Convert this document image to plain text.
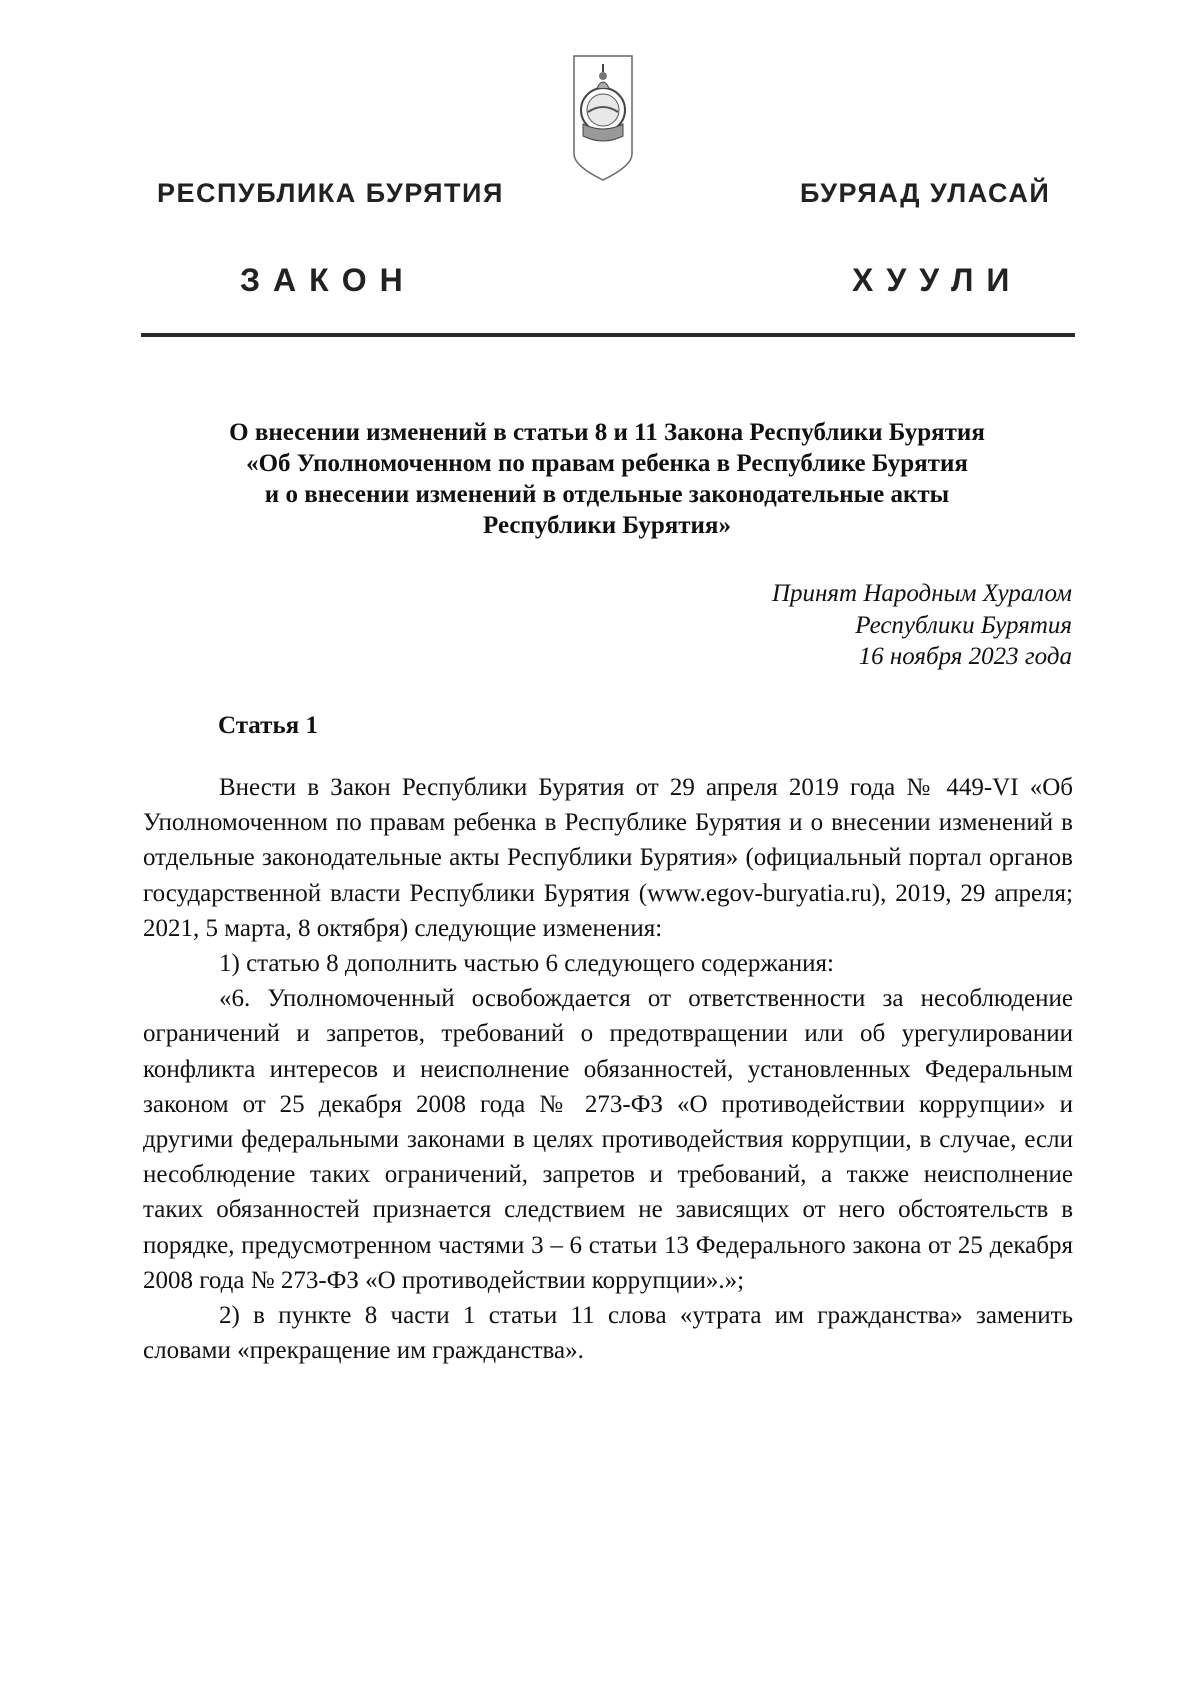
РЕСПУБЛИКА БУРЯТИЯ	БУРЯАД УЛАСАЙ
ЗАКОН	ХУУЛИ
О внесении изменений в статьи 8 и 11 Закона Республики Бурятия
«Об Уполномоченном по правам ребенка в Республике Бурятия
и о внесении изменений в отдельные законодательные акты
Республики Бурятия»
Принят Народным Хуралом
Республики Бурятия
16 ноября 2023 года
Статья 1

Внести в Закон Республики Бурятия от 29 апреля 2019 года № 449-VI «Об Уполномоченном по правам ребенка в Республике Бурятия и о внесении изменений в отдельные законодательные акты Республики Бурятия» (официальный портал органов государственной власти Республики Бурятия (www.egov-buryatia.ru), 2019, 29 апреля; 2021, 5 марта, 8 октября) следующие изменения:

1) статью 8 дополнить частью 6 следующего содержания:

«6. Уполномоченный освобождается от ответственности за несоблюдение ограничений и запретов, требований о предотвращении или об урегулировании конфликта интересов и неисполнение обязанностей, установленных Федеральным законом от 25 декабря 2008 года № 273-ФЗ «О противодействии коррупции» и другими федеральными законами в целях противодействия коррупции, в случае, если несоблюдение таких ограничений, запретов и требований, а также неисполнение таких обязанностей признается следствием не зависящих от него обстоятельств в порядке, предусмотренном частями 3 – 6 статьи 13 Федерального закона от 25 декабря 2008 года № 273-ФЗ «О противодействии коррупции».»;

2) в пункте 8 части 1 статьи 11 слова «утрата им гражданства» заменить словами «прекращение им гражданства».
